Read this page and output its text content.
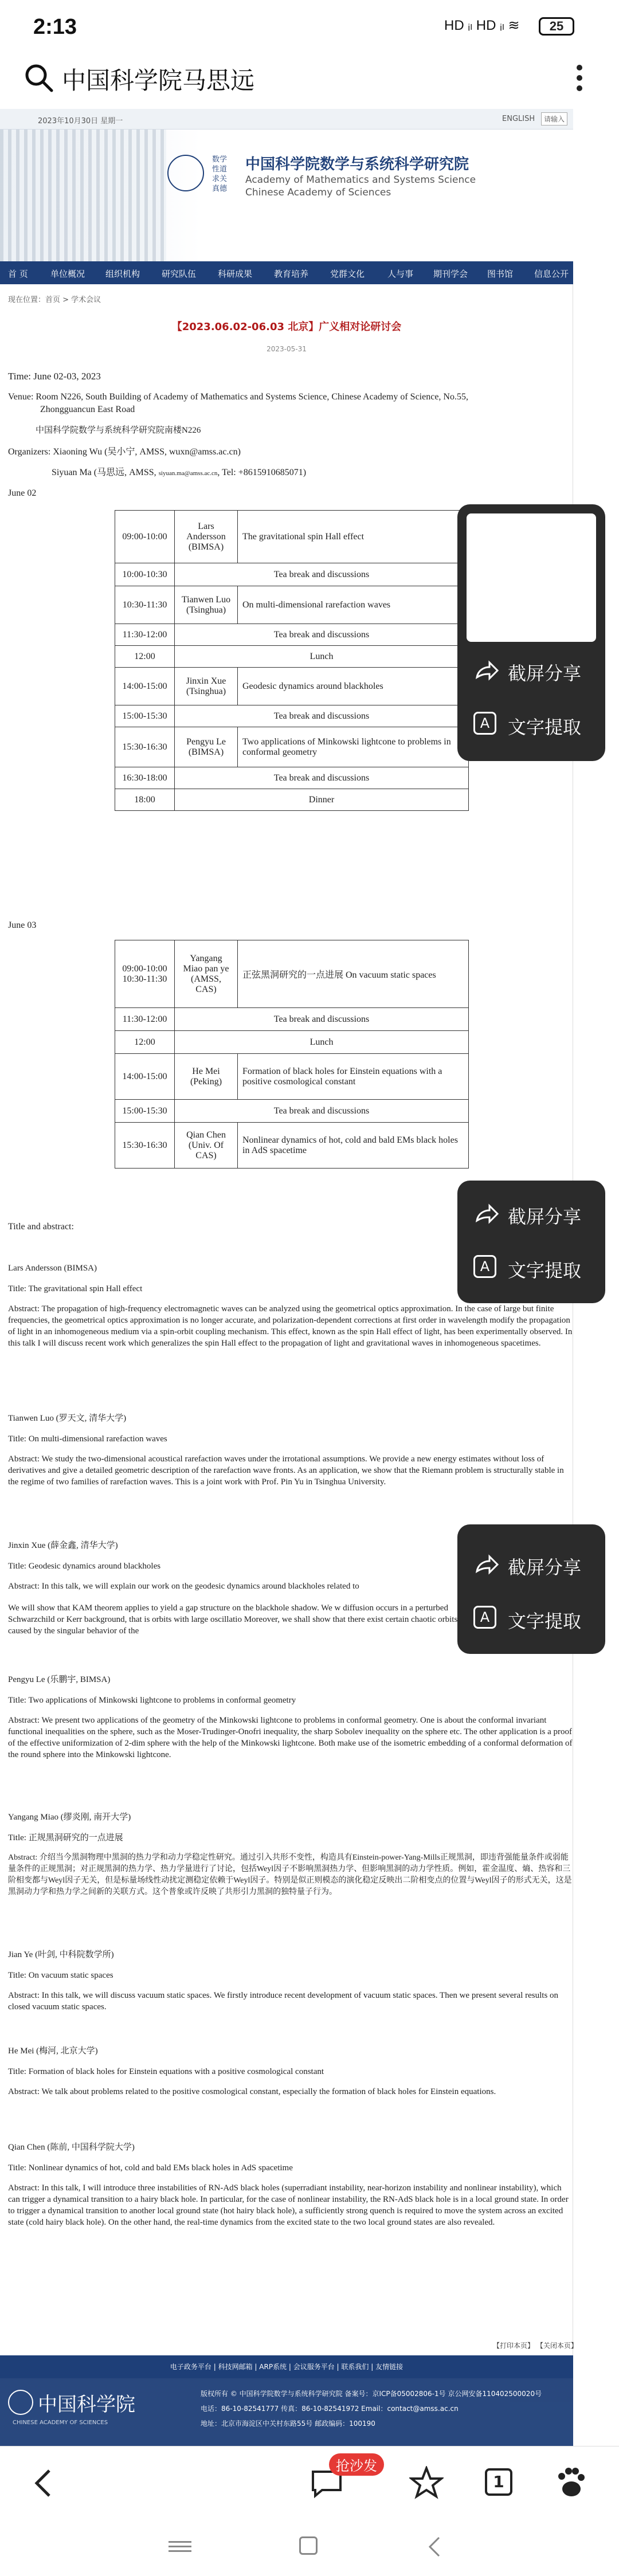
2:13	HD ᵢₗ HD ᵢₗ ≋	25
中国科学院马思远
2023年10月30日 星期一	ENGLISH	请输入
数学 性道 求关 真德
中国科学院数学与系统科学研究院
Academy of Mathematics and Systems Science
Chinese Academy of Sciences
首 页	单位概况 组织机构	研究队伍	科研成果	教育培养	党群文化	人与事 期刊学会 图书馆 信息公开
现在位置：首页 > 学术会议
【2023.06.02-06.03 北京】广义相对论研讨会
2023-05-31
Time: June 02-03, 2023
Venue: Room N226, South Building of Academy of Mathematics and Systems Science, Chinese Academy of Science, No.55,
Zhongguancun East Road
中国科学院数学与系统科学研究院南楼N226
Organizers: Xiaoning Wu (吴小宁, AMSS, wuxn@amss.ac.cn)
Siyuan Ma (马思远, AMSS, siyuan.ma@amss.ac.cn, Tel: +8615910685071)
June 02
09:00-10:00	Lars Andersson (BIMSA)	The gravitational spin Hall effect
10:00-10:30	Tea break and discussions	
10:30-11:30	Tianwen Luo (Tsinghua)	On multi-dimensional rarefaction waves
11:30-12:00	Tea break and discussions	
12:00	Lunch	
14:00-15:00	Jinxin Xue (Tsinghua)	Geodesic dynamics around blackholes
15:00-15:30	Tea break and discussions	
15:30-16:30	Pengyu Le (BIMSA)	Two applications of Minkowski lightcone to problems in conformal geometry
16:30-18:00	Tea break and discussions	
18:00	Dinner	
June 03
09:00-10:00 10:30-11:30	Yangang Miao pan ye (AMSS, CAS)	正弦黑洞研究的一点进展 On vacuum static spaces
11:30-12:00	Tea break and discussions	
12:00	Lunch	
14:00-15:00	He Mei (Peking)	Formation of black holes for Einstein equations with a positive cosmological constant
15:00-15:30	Tea break and discussions	
15:30-16:30	Qian Chen (Univ. Of CAS)	Nonlinear dynamics of hot, cold and bald EMs black holes in AdS spacetime
Title and abstract:
Lars Andersson (BIMSA)
Title: The gravitational spin Hall effect
Abstract: The propagation of high-frequency electromagnetic waves can be analyzed using the geometrical optics approximation. In the case of large but finite frequencies, the geometrical optics approximation is no longer accurate, and polarization-dependent corrections at first order in wavelength modify the propagation of light in an inhomogeneous medium via a spin-orbit coupling mechanism. This effect, known as the spin Hall effect of light, has been experimentally observed. In this talk I will discuss recent work which generalizes the spin Hall effect to the propagation of light and gravitational waves in inhomogeneous spacetimes.
Tianwen Luo (罗天文, 清华大学)
Title: On multi-dimensional rarefaction waves
Abstract: We study the two-dimensional acoustical rarefaction waves under the irrotational assumptions. We provide a new energy estimates without loss of derivatives and give a detailed geometric description of the rarefaction wave fronts. As an application, we show that the Riemann problem is structurally stable in the regime of two families of rarefaction waves. This is a joint work with Prof. Pin Yu in Tsinghua University.
Jinxin Xue (薛金鑫, 清华大学)
Title: Geodesic dynamics around blackholes
Abstract: In this talk, we will explain our work on the geodesic dynamics around blackholes related to
We will show that KAM theorem applies to yield a gap structure on the blackhole shadow. We w diffusion occurs in a perturbed Schwarzchild or Kerr background, that is orbits with large oscillatio Moreover, we shall show that there exist certain chaotic orbits caused by the singular behavior of the
Pengyu Le (乐鹏宇, BIMSA)
Title: Two applications of Minkowski lightcone to problems in conformal geometry
Abstract: We present two applications of the geometry of the Minkowski lightcone to problems in conformal geometry. One is about the conformal invariant functional inequalities on the sphere, such as the Moser-Trudinger-Onofri inequality, the sharp Sobolev inequality on the sphere etc. The other application is a proof of the effective uniformization of 2-dim sphere with the help of the Minkowski lightcone. Both make use of the isometric embedding of a conformal deformation of the round sphere into the Minkowski lightcone.
Yangang Miao (缪炎刚, 南开大学)
Title: 正规黑洞研究的一点进展
Abstract: 介绍当今黑洞物理中黑洞的热力学和动力学稳定性研究。通过引入共形不变性，构造具有Einstein-power-Yang-Mills正规黑洞，即违背强能量条件或弱能量条件的正规黑洞；对正规黑洞的热力学、热力学量进行了讨论，包括Weyl因子不影响黑洞热力学、但影响黑洞的动力学性质。例如，霍金温度、熵、热容和三阶相变都与Weyl因子无关，但是标量场线性动扰定测稳定依赖于Weyl因子。特别是似正则模态的演化稳定反映出二阶相变点的位置与Weyl因子的形式无关，这是黑洞动力学和热力学之间新的关联方式。这个普象或许反映了共形引力黑洞的独特量子行为。
Jian Ye (叶剑, 中科院数学所)
Title: On vacuum static spaces
Abstract: In this talk, we will discuss vacuum static spaces. We firstly introduce recent development of vacuum static spaces. Then we present several results on closed vacuum static spaces.
He Mei (梅河, 北京大学)
Title: Formation of black holes for Einstein equations with a positive cosmological constant
Abstract: We talk about problems related to the positive cosmological constant, especially the formation of black holes for Einstein equations.
Qian Chen (陈前, 中国科学院大学)
Title: Nonlinear dynamics of hot, cold and bald EMs black holes in AdS spacetime
Abstract: In this talk, I will introduce three instabilities of RN-AdS black holes (superradiant instability, near-horizon instability and nonlinear instability), which can trigger a dynamical transition to a hairy black hole. In particular, for the case of nonlinear instability, the RN-AdS black hole is in a local ground state. In order to trigger a dynamical transition to another local ground state (hot hairy black hole), a sufficiently strong quench is required to move the system across an excited state (cold hairy black hole). On the other hand, the real-time dynamics from the excited state to the two local ground states are also revealed.
【打印本页】 【关闭本页】
电子政务平台 | 科技网邮箱 | ARP系统 | 会议服务平台 | 联系我们 | 友情链接
中国科学院
CHINESE ACADEMY OF SCIENCES
版权所有 © 中国科学院数学与系统科学研究院 备案号：京ICP备05002806-1号 京公网安备110402500020号
电话：86-10-82541777 传真：86-10-82541972 Email：contact@amss.ac.cn
地址：北京市海淀区中关村东路55号 邮政编码：100190
截屏分享
A 文字提取
截屏分享
A 文字提取
截屏分享
A 文字提取
抢沙发
1
